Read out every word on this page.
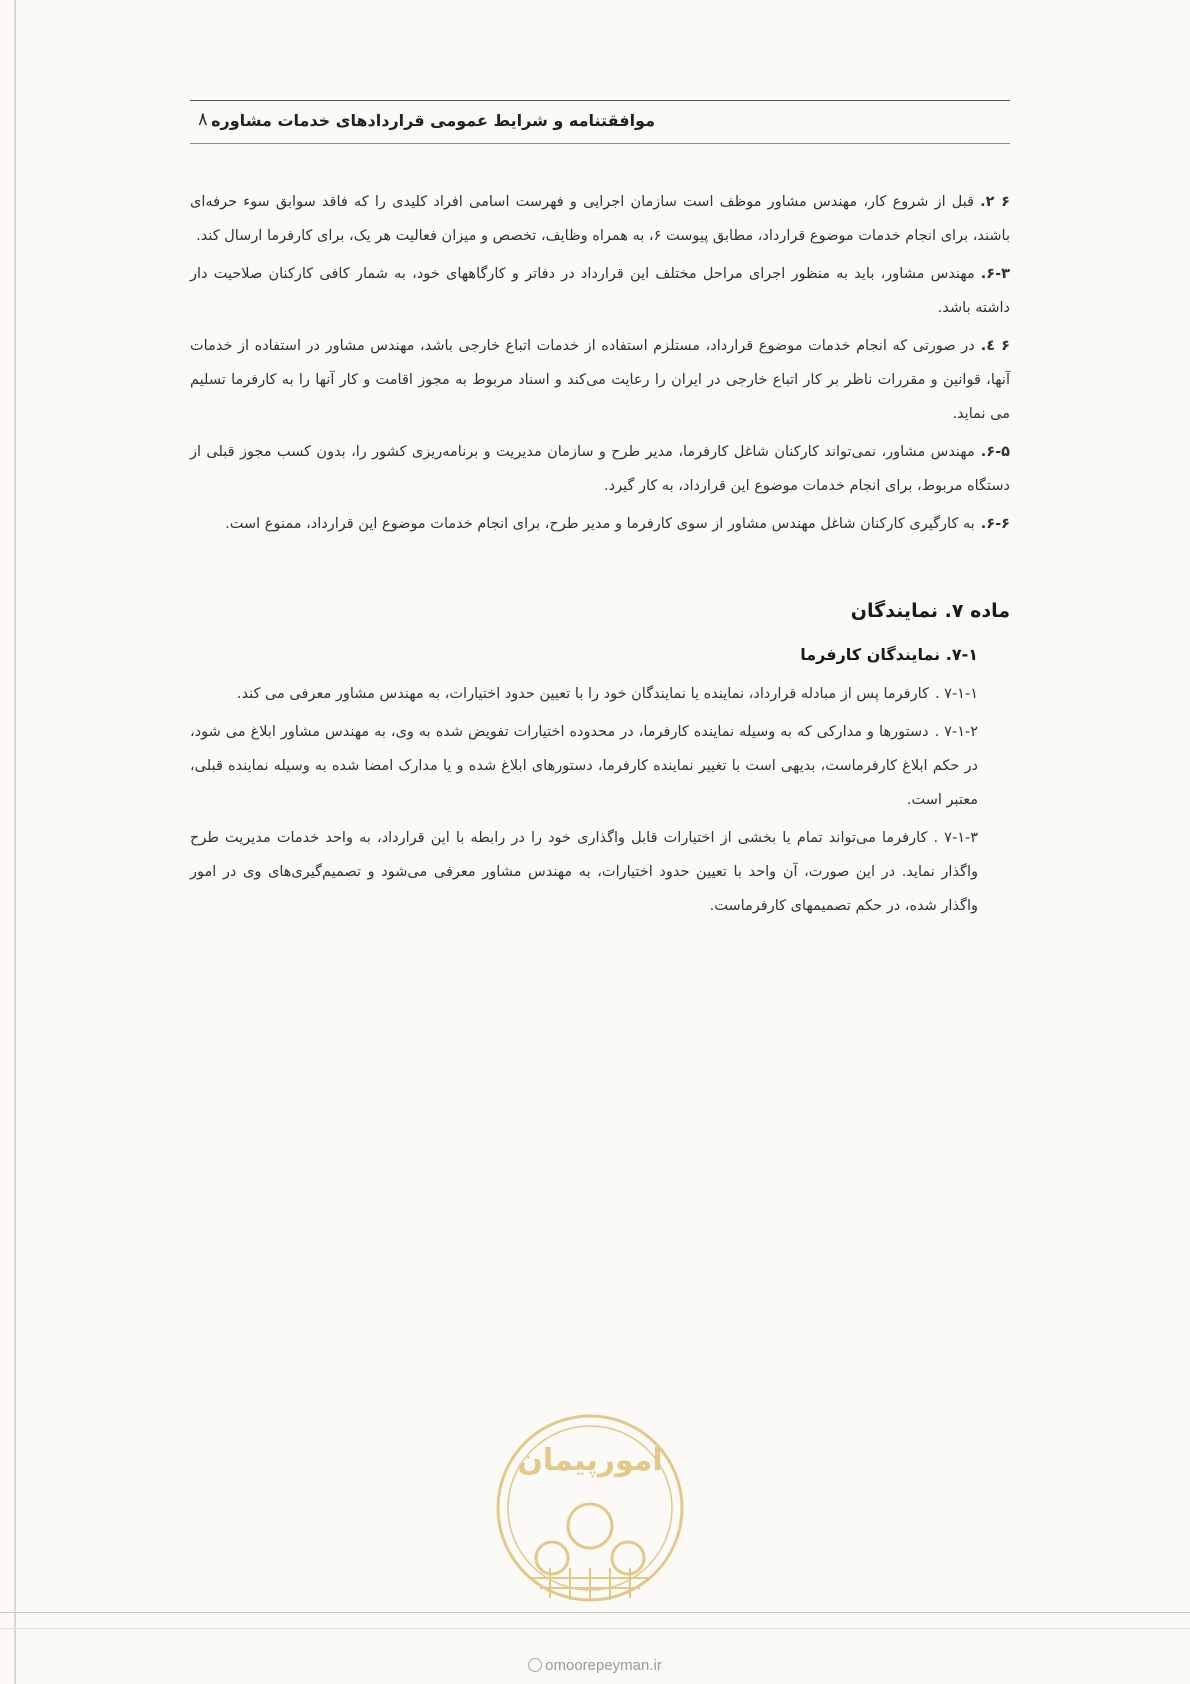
موافقتنامه و شرایط عمومی قراردادهای خدمات مشاوره
۸

۶ ۲.قبل از شروع کار، مهندس مشاور موظف است سازمان اجرایی و فهرست اسامی افراد کلیدی را که فاقد سوابق سوء حرفه‌ای باشند، برای انجام خدمات موضوع قرارداد، مطابق پیوست ۶، به همراه وظایف، تخصص و میزان فعالیت هر یک، برای کارفرما ارسال کند.

۶-۳.مهندس مشاور، باید به منظور اجرای مراحل مختلف این قرارداد در دفاتر و کارگاههای خود، به شمار کافی کارکنان صلاحیت دار داشته باشد.

۶ ٤.در صورتی که انجام خدمات موضوع قرارداد، مستلزم استفاده از خدمات اتباع خارجی باشد، مهندس مشاور در استفاده از خدمات آنها، قوانین و مقررات ناظر بر کار اتباع خارجی در ایران را رعایت می‌کند و اسناد مربوط به مجوز اقامت و کار آنها را به کارفرما تسلیم می نماید.

۶-۵.مهندس مشاور، نمی‌تواند کارکنان شاغل کارفرما، مدیر طرح و سازمان مدیریت و برنامه‌ریزی کشور را، بدون کسب مجوز قبلی از دستگاه مربوط، برای انجام خدمات موضوع این قرارداد، به کار گیرد.

۶-۶.به کارگیری کارکنان شاغل مهندس مشاور از سوی کارفرما و مدیر طرح، برای انجام خدمات موضوع این قرارداد، ممنوع است.

ماده ۷. نمایندگان
۷-۱. نمایندگان کارفرما

۷-۱-۱ .کارفرما پس از مبادله قرارداد، نماینده یا نمایندگان خود را با تعیین حدود اختیارات، به مهندس مشاور معرفی می کند.

۷-۱-۲ .دستورها و مدارکی که به وسیله نماینده کارفرما، در محدوده اختیارات تفویض شده به وی، به مهندس مشاور ابلاغ می شود، در حکم ابلاغ کارفرماست، بدیهی است با تغییر نماینده کارفرما، دستورهای ابلاغ شده و یا مدارک امضا شده به وسیله نماینده قبلی، معتبر است.

۷-۱-۳ .کارفرما می‌تواند تمام یا بخشی از اختیارات قابل واگذاری خود را در رابطه با این قرارداد، به واحد خدمات مدیریت طرح واگذار نماید. در این صورت، آن واحد با تعیین حدود اختیارات، به مهندس مشاور معرفی می‌شود و تصمیم‌گیری‌های وی در امور واگذار شده، در حکم تصمیمهای کارفرماست.

امورپیمان
omoorepeyman.ir
